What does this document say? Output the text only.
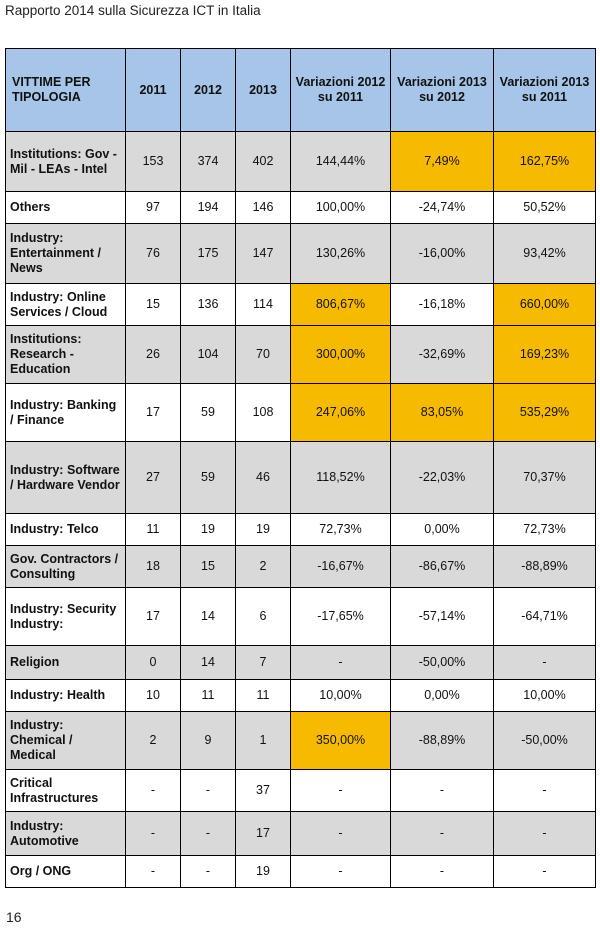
Rapporto 2014 sulla Sicurezza ICT in Italia
VITTIME PER TIPOLOGIA	2011	2012	2013	Variazioni 2012 su 2011	Variazioni 2013 su 2012	Variazioni 2013 su 2011
Institutions: Gov - Mil - LEAs - Intel	153	374	402	144,44%	7,49%	162,75%
Others	97	194	146	100,00%	-24,74%	50,52%
Industry: Entertainment / News	76	175	147	130,26%	-16,00%	93,42%
Industry: Online Services / Cloud	15	136	114	806,67%	-16,18%	660,00%
Institutions: Research - Education	26	104	70	300,00%	-32,69%	169,23%
Industry: Banking / Finance	17	59	108	247,06%	83,05%	535,29%
Industry: Software / Hardware Vendor	27	59	46	118,52%	-22,03%	70,37%
Industry: Telco	11	19	19	72,73%	0,00%	72,73%
Gov. Contractors / Consulting	18	15	2	-16,67%	-86,67%	-88,89%
Industry: Security Industry:	17	14	6	-17,65%	-57,14%	-64,71%
Religion	0	14	7	-	-50,00%	-
Industry: Health	10	11	11	10,00%	0,00%	10,00%
Industry: Chemical / Medical	2	9	1	350,00%	-88,89%	-50,00%
Critical Infrastructures	-	-	37	-	-	-
Industry: Automotive	-	-	17	-	-	-
Org / ONG	-	-	19	-	-	-
16
